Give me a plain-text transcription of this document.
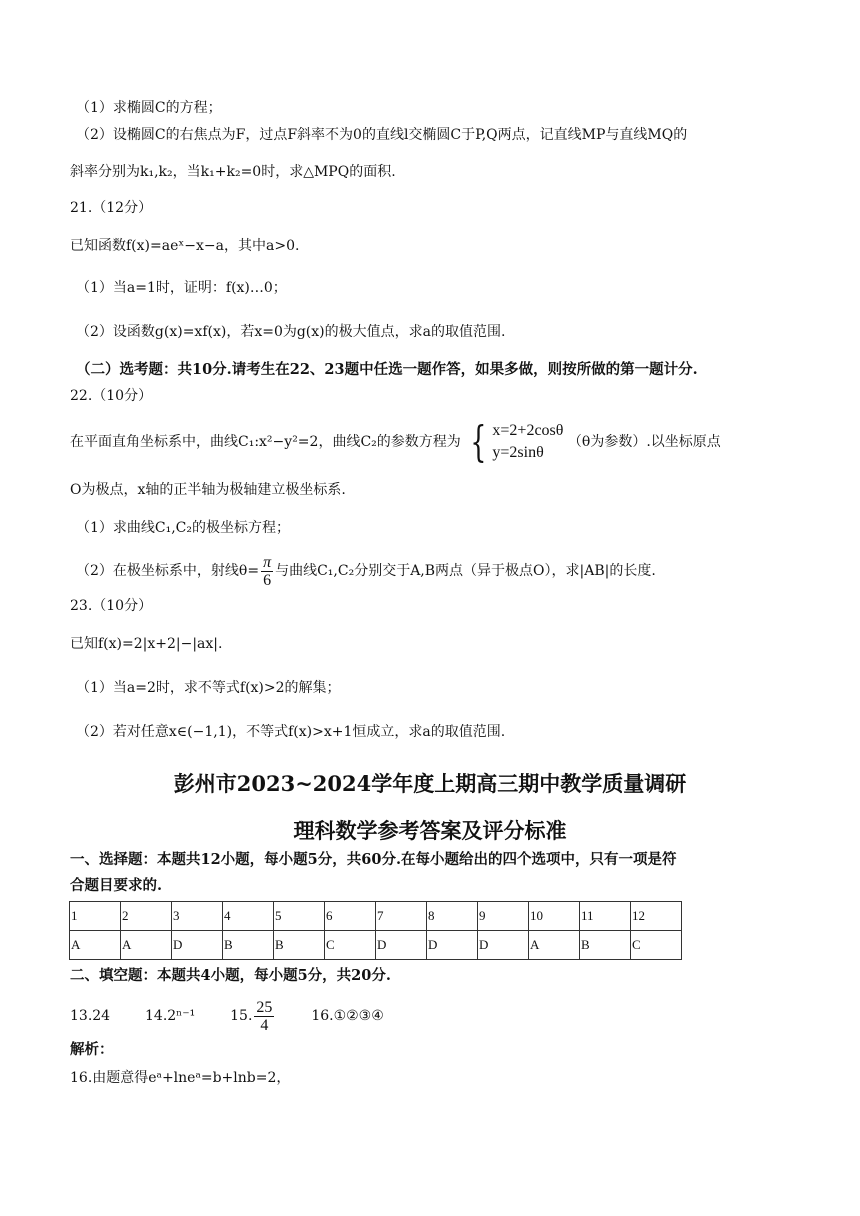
（1）求椭圆C的方程；
（2）设椭圆C的右焦点为F，过点F斜率不为0的直线l交椭圆C于P,Q两点，记直线MP与直线MQ的
斜率分别为k₁,k₂，当k₁+k₂=0时，求△MPQ的面积.
21.（12分）
已知函数f(x)=aeˣ−x−a，其中a>0.
（1）当a=1时，证明：f(x)…0；
（2）设函数g(x)=xf(x)，若x=0为g(x)的极大值点，求a的取值范围.
（二）选考题：共10分.请考生在22、23题中任选一题作答，如果多做，则按所做的第一题计分.
22.（10分）
在平面直角坐标系中，曲线C₁:x²−y²=2，曲线C₂的参数方程为 { x=2+2cosθ
y=2sinθ
（θ为参数）.以坐标原点
O为极点，x轴的正半轴为极轴建立极坐标系.
（1）求曲线C₁,C₂的极坐标方程；
（2）在极坐标系中，射线$\theta= \frac{\pi}{6}$ 与曲线C₁,C₂分别交于A,B两点（异于极点O），求|AB|的长度.
23.（10分）
已知f(x)=2|x+2|−|ax|.
（1）当a=2时，求不等式f(x)>2的解集；
（2）若对任意x∈(−1,1)，不等式f(x)>x+1恒成立，求a的取值范围.
彭州市2023~2024学年度上期高三期中教学质量调研
理科数学参考答案及评分标准
一、选择题：本题共12小题，每小题5分，共60分.在每小题给出的四个选项中，只有一项是符
合题目要求的.
1	2	3	4	5	6	7	8	9	10	11	12
A	A	D	B	B	C	D	D	D	A	B	C
二、填空题：本题共4小题，每小题5分，共20分.
13.24 14.2ⁿ⁻¹ 15. $\frac{25}{4}$	16.①②③④
解析：
16.由题意得eᵃ+lneᵃ=b+lnb=2，
